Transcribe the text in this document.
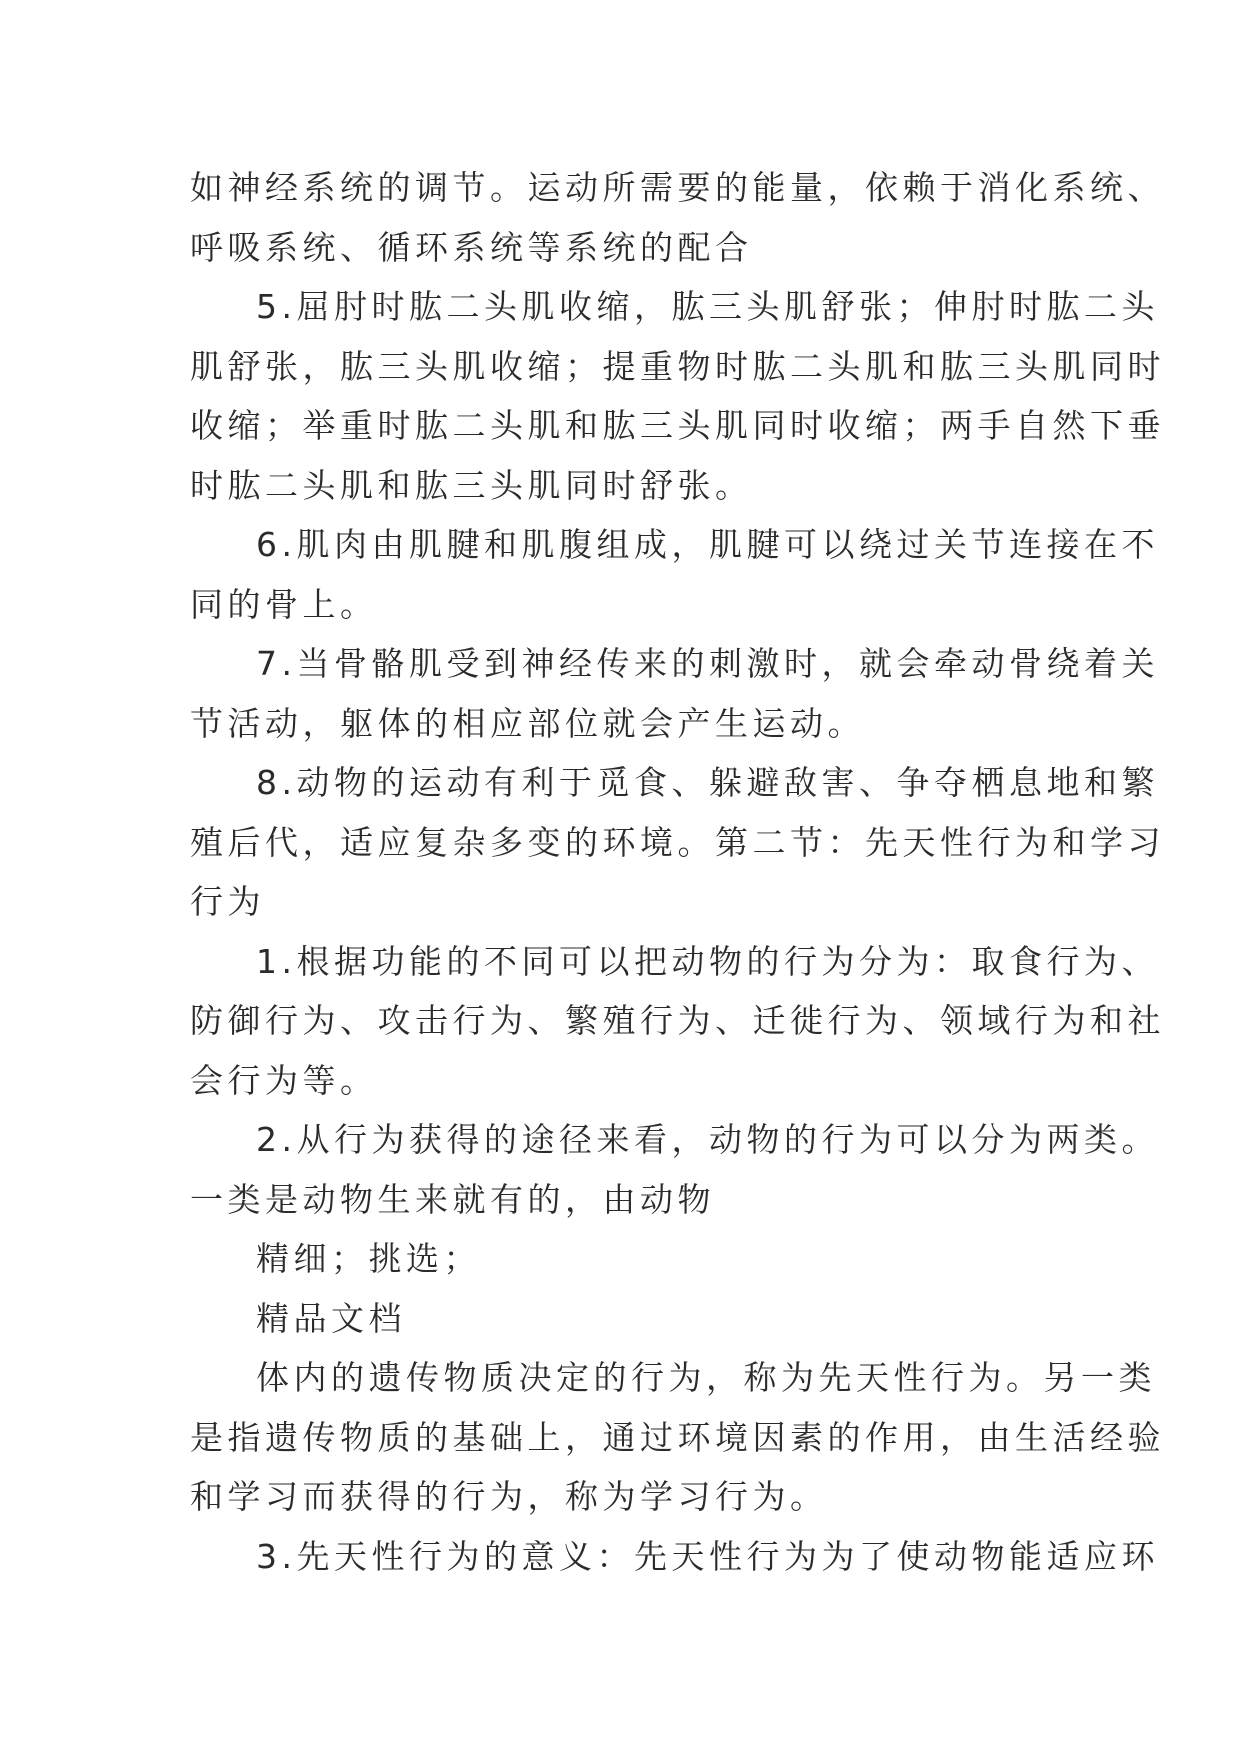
如神经系统的调节。运动所需要的能量，依赖于消化系统、
呼吸系统、循环系统等系统的配合
5.屈肘时肱二头肌收缩，肱三头肌舒张；伸肘时肱二头
肌舒张，肱三头肌收缩；提重物时肱二头肌和肱三头肌同时
收缩；举重时肱二头肌和肱三头肌同时收缩；两手自然下垂
时肱二头肌和肱三头肌同时舒张。
6.肌肉由肌腱和肌腹组成，肌腱可以绕过关节连接在不
同的骨上。
7.当骨骼肌受到神经传来的刺激时，就会牵动骨绕着关
节活动，躯体的相应部位就会产生运动。
8.动物的运动有利于觅食、躲避敌害、争夺栖息地和繁
殖后代，适应复杂多变的环境。第二节：先天性行为和学习
行为
1.根据功能的不同可以把动物的行为分为：取食行为、
防御行为、攻击行为、繁殖行为、迁徙行为、领域行为和社
会行为等。
2.从行为获得的途径来看，动物的行为可以分为两类。
一类是动物生来就有的，由动物
精细；挑选；
精品文档
体内的遗传物质决定的行为，称为先天性行为。另一类
是指遗传物质的基础上，通过环境因素的作用，由生活经验
和学习而获得的行为，称为学习行为。
3.先天性行为的意义：先天性行为为了使动物能适应环
